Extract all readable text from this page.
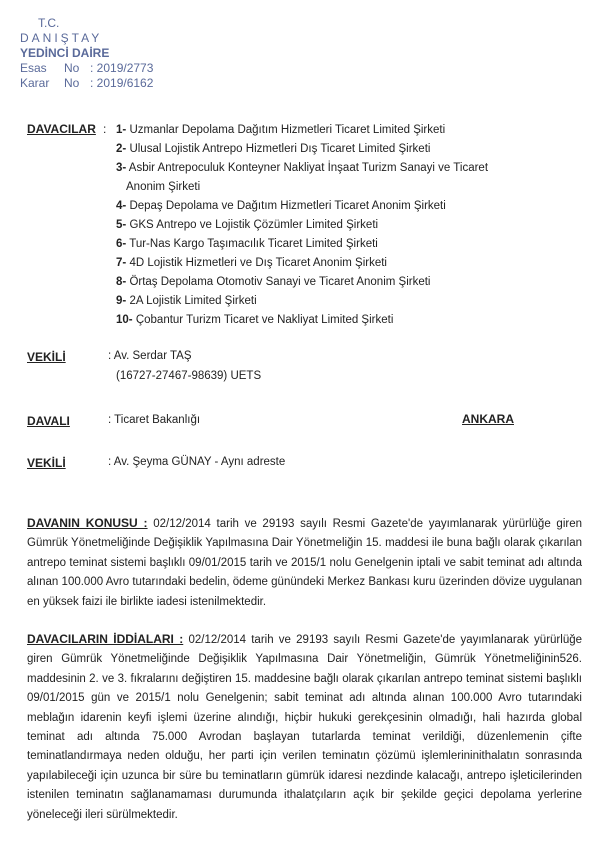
T.C.
DANIŞTAY
YEDİNCİ DAİRE
Esas No : 2019/2773
Karar No : 2019/6162
DAVACILAR : 1- Uzmanlar Depolama Dağıtım Hizmetleri Ticaret Limited Şirketi
2- Ulusal Lojistik Antrepo Hizmetleri Dış Ticaret Limited Şirketi
3- Asbir Antrepoculuk Konteyner Nakliyat İnşaat Turizm Sanayi ve Ticaret
Anonim Şirketi
4- Depaş Depolama ve Dağıtım Hizmetleri Ticaret Anonim Şirketi
5- GKS Antrepo ve Lojistik Çözümler Limited Şirketi
6- Tur-Nas Kargo Taşımacılık Ticaret Limited Şirketi
7- 4D Lojistik Hizmetleri ve Dış Ticaret Anonim Şirketi
8- Örtaş Depolama Otomotiv Sanayi ve Ticaret Anonim Şirketi
9- 2A Lojistik Limited Şirketi
10- Çobantur Turizm Ticaret ve Nakliyat Limited Şirketi
VEKİLİ	: Av. Serdar TAŞ
(16727-27467-98639) UETS
DAVALI	: Ticaret Bakanlığı	ANKARA
VEKİLİ	: Av. Şeyma GÜNAY - Aynı adreste

DAVANIN KONUSU : 02/12/2014 tarih ve 29193 sayılı Resmi Gazete'de yayımlanarak yürürlüğe giren Gümrük Yönetmeliğinde Değişiklik Yapılmasına Dair Yönetmeliğin 15. maddesi ile buna bağlı olarak çıkarılan antrepo teminat sistemi başlıklı 09/01/2015 tarih ve 2015/1 nolu Genelgenin iptali ve sabit teminat adı altında alınan 100.000 Avro tutarındaki bedelin, ödeme günündeki Merkez Bankası kuru üzerinden dövize uygulanan en yüksek faizi ile birlikte iadesi istenilmektedir.

DAVACILARIN İDDİALARI : 02/12/2014 tarih ve 29193 sayılı Resmi Gazete'de yayımlanarak yürürlüğe giren Gümrük Yönetmeliğinde Değişiklik Yapılmasına Dair Yönetmeliğin, Gümrük Yönetmeliğinin526. maddesinin 2. ve 3. fıkralarını değiştiren 15. maddesine bağlı olarak çıkarılan antrepo teminat sistemi başlıklı 09/01/2015 gün ve 2015/1 nolu Genelgenin; sabit teminat adı altında alınan 100.000 Avro tutarındaki meblağın idarenin keyfi işlemi üzerine alındığı, hiçbir hukuki gerekçesinin olmadığı, hali hazırda global teminat adı altında 75.000 Avrodan başlayan tutarlarda teminat verildiği, düzenlemenin çifte teminatlandırmaya neden olduğu, her parti için verilen teminatın çözümü işlemlerininithalatın sonrasında yapılabileceği için uzunca bir süre bu teminatların gümrük idaresi nezdinde kalacağı, antrepo işleticilerinden istenilen teminatın sağlanamaması durumunda ithalatçıların açık bir şekilde geçici depolama yerlerine yöneleceği ileri sürülmektedir.
